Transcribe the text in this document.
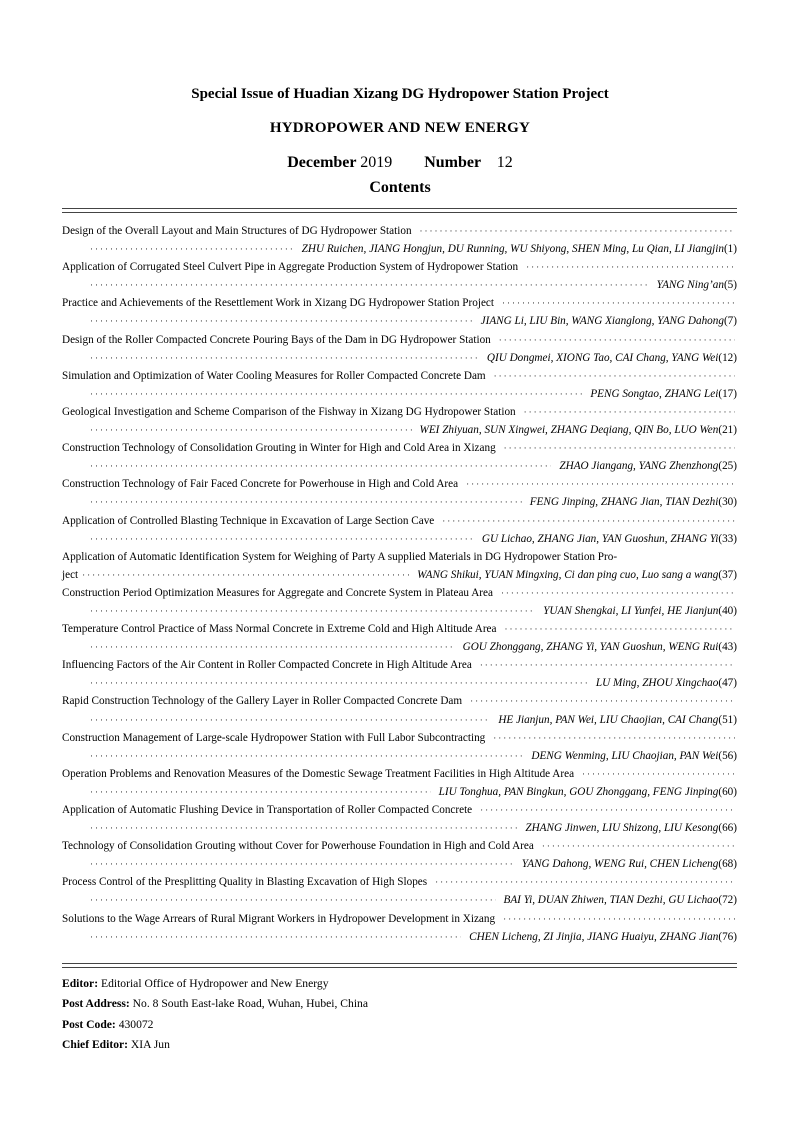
Special Issue of Huadian Xizang DG Hydropower Station Project
HYDROPOWER AND NEW ENERGY
December 2019 Number 12
Contents
Design of the Overall Layout and Main Structures of DG Hydropower Station
·····
·····
ZHU Ruichen, JIANG Hongjun, DU Running, WU Shiyong, SHEN Ming, Lu Qian, LI Jiangjin (1)
Application of Corrugated Steel Culvert Pipe in Aggregate Production System of Hydropower Station
·····
·····
YANG Ning’an (5)
Practice and Achievements of the Resettlement Work in Xizang DG Hydropower Station Project
·····
·····
JIANG Li, LIU Bin, WANG Xianglong, YANG Dahong (7)
Design of the Roller Compacted Concrete Pouring Bays of the Dam in DG Hydropower Station
·····
·····
QIU Dongmei, XIONG Tao, CAI Chang, YANG Wei (12)
Simulation and Optimization of Water Cooling Measures for Roller Compacted Concrete Dam
·····
·····
PENG Songtao, ZHANG Lei (17)
Geological Investigation and Scheme Comparison of the Fishway in Xizang DG Hydropower Station
·····
·····
WEI Zhiyuan, SUN Xingwei, ZHANG Deqiang, QIN Bo, LUO Wen (21)
Construction Technology of Consolidation Grouting in Winter for High and Cold Area in Xizang
·····
·····
ZHAO Jiangang, YANG Zhenzhong (25)
Construction Technology of Fair Faced Concrete for Powerhouse in High and Cold Area
·····
·····
FENG Jinping, ZHANG Jian, TIAN Dezhi (30)
Application of Controlled Blasting Technique in Excavation of Large Section Cave
·····
·····
GU Lichao, ZHANG Jian, YAN Guoshun, ZHANG Yi (33)
Application of Automatic Identification System for Weighing of Party A supplied Materials in DG Hydropower Station Pro-
ject
·····	WANG Shikui, YUAN Mingxing, Ci dan ping cuo, Luo sang a wang (37)
Construction Period Optimization Measures for Aggregate and Concrete System in Plateau Area
·····
·····
YUAN Shengkai, LI Yunfei, HE Jianjun (40)
Temperature Control Practice of Mass Normal Concrete in Extreme Cold and High Altitude Area
·····
·····
GOU Zhonggang, ZHANG Yi, YAN Guoshun, WENG Rui (43)
Influencing Factors of the Air Content in Roller Compacted Concrete in High Altitude Area
·····
·····
LU Ming, ZHOU Xingchao (47)
Rapid Construction Technology of the Gallery Layer in Roller Compacted Concrete Dam
·····
·····
HE Jianjun, PAN Wei, LIU Chaojian, CAI Chang (51)
Construction Management of Large-scale Hydropower Station with Full Labor Subcontracting
·····
·····
DENG Wenming, LIU Chaojian, PAN Wei (56)
Operation Problems and Renovation Measures of the Domestic Sewage Treatment Facilities in High Altitude Area
·····
·····
LIU Tonghua, PAN Bingkun, GOU Zhonggang, FENG Jinping (60)
Application of Automatic Flushing Device in Transportation of Roller Compacted Concrete
·····
·····
ZHANG Jinwen, LIU Shizong, LIU Kesong (66)
Technology of Consolidation Grouting without Cover for Powerhouse Foundation in High and Cold Area
·····
·····
YANG Dahong, WENG Rui, CHEN Licheng (68)
Process Control of the Presplitting Quality in Blasting Excavation of High Slopes
·····
·····
BAI Yi, DUAN Zhiwen, TIAN Dezhi, GU Lichao (72)
Solutions to the Wage Arrears of Rural Migrant Workers in Hydropower Development in Xizang
·····
·····
CHEN Licheng, ZI Jinjia, JIANG Huaiyu, ZHANG Jian (76)
Editor: Editorial Office of Hydropower and New Energy
Post Address: No. 8 South East-lake Road, Wuhan, Hubei, China
Post Code: 430072
Chief Editor: XIA Jun
